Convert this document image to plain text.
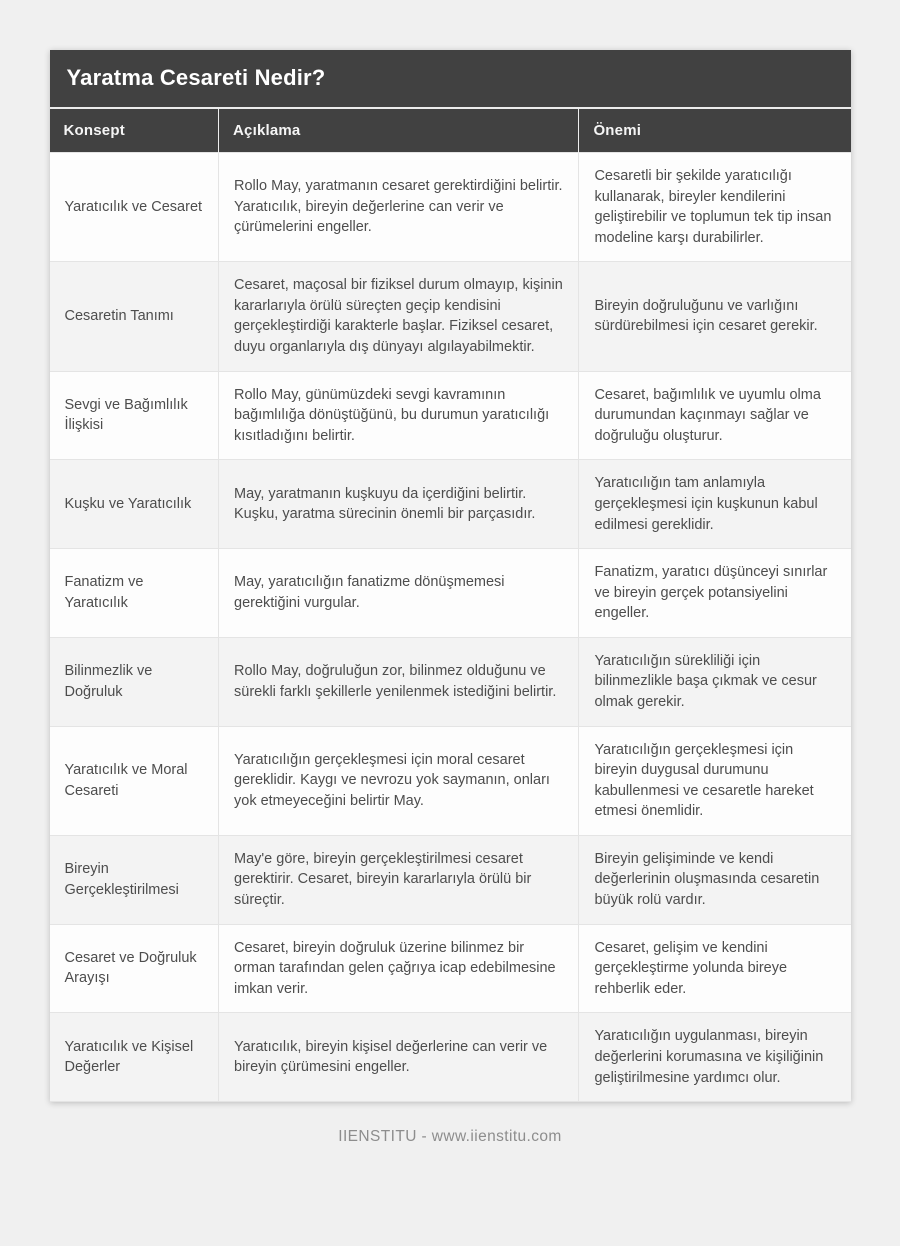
Yaratma Cesareti Nedir?
Konsept	Açıklama	Önemi
Yaratıcılık ve Cesaret	Rollo May, yaratmanın cesaret gerektirdiğini belirtir. Yaratıcılık, bireyin değerlerine can verir ve çürümelerini engeller.	Cesaretli bir şekilde yaratıcılığı kullanarak, bireyler kendilerini geliştirebilir ve toplumun tek tip insan modeline karşı durabilirler.
Cesaretin Tanımı	Cesaret, maçosal bir fiziksel durum olmayıp, kişinin kararlarıyla örülü süreçten geçip kendisini gerçekleştirdiği karakterle başlar. Fiziksel cesaret, duyu organlarıyla dış dünyayı algılayabilmektir.	Bireyin doğruluğunu ve varlığını sürdürebilmesi için cesaret gerekir.
Sevgi ve Bağımlılık İlişkisi	Rollo May, günümüzdeki sevgi kavramının bağımlılığa dönüştüğünü, bu durumun yaratıcılığı kısıtladığını belirtir.	Cesaret, bağımlılık ve uyumlu olma durumundan kaçınmayı sağlar ve doğruluğu oluşturur.
Kuşku ve Yaratıcılık	May, yaratmanın kuşkuyu da içerdiğini belirtir. Kuşku, yaratma sürecinin önemli bir parçasıdır.	Yaratıcılığın tam anlamıyla gerçekleşmesi için kuşkunun kabul edilmesi gereklidir.
Fanatizm ve Yaratıcılık	May, yaratıcılığın fanatizme dönüşmemesi gerektiğini vurgular.	Fanatizm, yaratıcı düşünceyi sınırlar ve bireyin gerçek potansiyelini engeller.
Bilinmezlik ve Doğruluk	Rollo May, doğruluğun zor, bilinmez olduğunu ve sürekli farklı şekillerle yenilenmek istediğini belirtir.	Yaratıcılığın sürekliliği için bilinmezlikle başa çıkmak ve cesur olmak gerekir.
Yaratıcılık ve Moral Cesareti	Yaratıcılığın gerçekleşmesi için moral cesaret gereklidir. Kaygı ve nevrozu yok saymanın, onları yok etmeyeceğini belirtir May.	Yaratıcılığın gerçekleşmesi için bireyin duygusal durumunu kabullenmesi ve cesaretle hareket etmesi önemlidir.
Bireyin Gerçekleştirilmesi	May'e göre, bireyin gerçekleştirilmesi cesaret gerektirir. Cesaret, bireyin kararlarıyla örülü bir süreçtir.	Bireyin gelişiminde ve kendi değerlerinin oluşmasında cesaretin büyük rolü vardır.
Cesaret ve Doğruluk Arayışı	Cesaret, bireyin doğruluk üzerine bilinmez bir orman tarafından gelen çağrıya icap edebilmesine imkan verir.	Cesaret, gelişim ve kendini gerçekleştirme yolunda bireye rehberlik eder.
Yaratıcılık ve Kişisel Değerler	Yaratıcılık, bireyin kişisel değerlerine can verir ve bireyin çürümesini engeller.	Yaratıcılığın uygulanması, bireyin değerlerini korumasına ve kişiliğinin geliştirilmesine yardımcı olur.
IIENSTITU - www.iienstitu.com
